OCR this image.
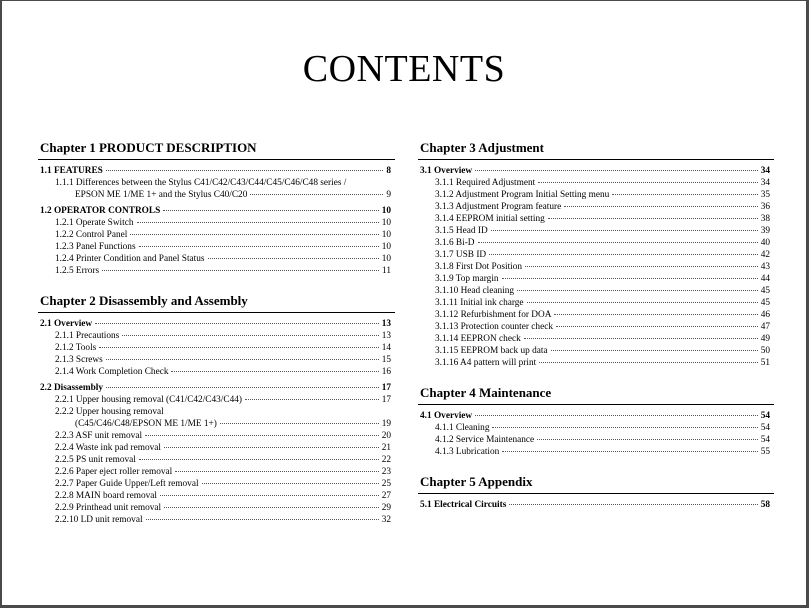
CONTENTS
Chapter 1 PRODUCT DESCRIPTION
1.1 FEATURES	8
1.1.1 Differences between the Stylus C41/C42/C43/C44/C45/C46/C48 series /
EPSON ME 1/ME 1+ and the Stylus C40/C20	9
1.2 OPERATOR CONTROLS	10
1.2.1 Operate Switch	10
1.2.2 Control Panel	10
1.2.3 Panel Functions	10
1.2.4 Printer Condition and Panel Status	10
1.2.5 Errors	11
Chapter 2 Disassembly and Assembly
2.1 Overview	13
2.1.1 Precautions	13
2.1.2 Tools	14
2.1.3 Screws	15
2.1.4 Work Completion Check	16
2.2 Disassembly	17
2.2.1 Upper housing removal (C41/C42/C43/C44)	17
2.2.2 Upper housing removal
(C45/C46/C48/EPSON ME 1/ME 1+)	19
2.2.3 ASF unit removal	20
2.2.4 Waste ink pad removal	21
2.2.5 PS unit removal	22
2.2.6 Paper eject roller removal	23
2.2.7 Paper Guide Upper/Left removal	25
2.2.8 MAIN board removal	27
2.2.9 Printhead unit removal	29
2.2.10 LD unit removal	32
Chapter 3 Adjustment
3.1 Overview	34
3.1.1 Required Adjustment	34
3.1.2 Adjustment Program Initial Setting menu	35
3.1.3 Adjustment Program feature	36
3.1.4 EEPROM initial setting	38
3.1.5 Head ID	39
3.1.6 Bi-D	40
3.1.7 USB ID	42
3.1.8 First Dot Position	43
3.1.9 Top margin	44
3.1.10 Head cleaning	45
3.1.11 Initial ink charge	45
3.1.12 Refurbishment for DOA	46
3.1.13 Protection counter check	47
3.1.14 EEPRON check	49
3.1.15 EEPROM back up data	50
3.1.16 A4 pattern will print	51
Chapter 4 Maintenance
4.1 Overview	54
4.1.1 Cleaning	54
4.1.2 Service Maintenance	54
4.1.3 Lubrication	55
Chapter 5 Appendix
5.1 Electrical Circuits	58
